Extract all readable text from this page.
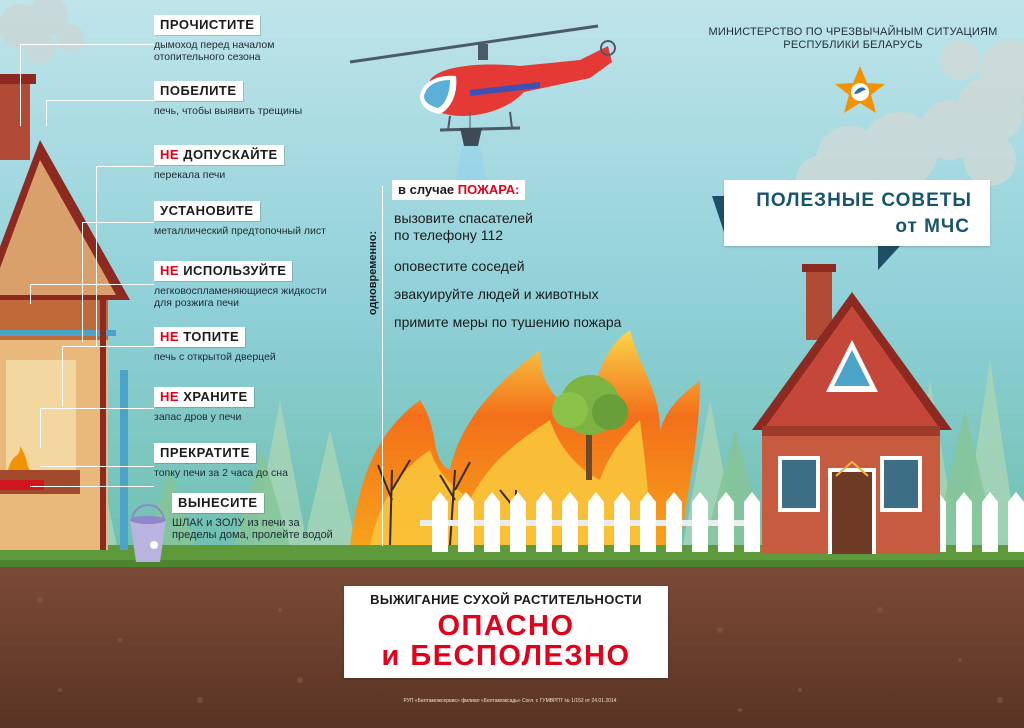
ПРОЧИСТИТЕ
дымоход перед началом отопительного сезона
ПОБЕЛИТЕ
печь, чтобы выявить трещины
НЕ ДОПУСКАЙТЕ
перекала печи
УСТАНОВИТЕ
металлический предтопочный лист
НЕ ИСПОЛЬЗУЙТЕ
легковоспламеняющиеся жидкости для розжига печи
НЕ ТОПИТЕ
печь с открытой дверцей
НЕ ХРАНИТЕ
запас дров у печи
ПРЕКРАТИТЕ
топку печи за 2 часа до сна
ВЫНЕСИТЕ
ШЛАК и ЗОЛУ из печи за пределы дома, пролейте водой
МИНИСТЕРСТВО ПО ЧРЕЗВЫЧАЙНЫМ СИТУАЦИЯМ
РЕСПУБЛИКИ БЕЛАРУСЬ
ПОЛЕЗНЫЕ СОВЕТЫ
от МЧС
в случае ПОЖАРА:
одновременно:
вызовите спасателей
по телефону 112
оповестите соседей
эвакуируйте людей и животных
примите меры по тушению пожара
ВЫЖИГАНИЕ СУХОЙ РАСТИТЕЛЬНОСТИ
ОПАСНО
и БЕСПОЛЕЗНО
РУП «Белтаможсервис» филиал «Белтаможсадь» Согл. с ГУМВРПТ № 1/152 от 24.01.2014
